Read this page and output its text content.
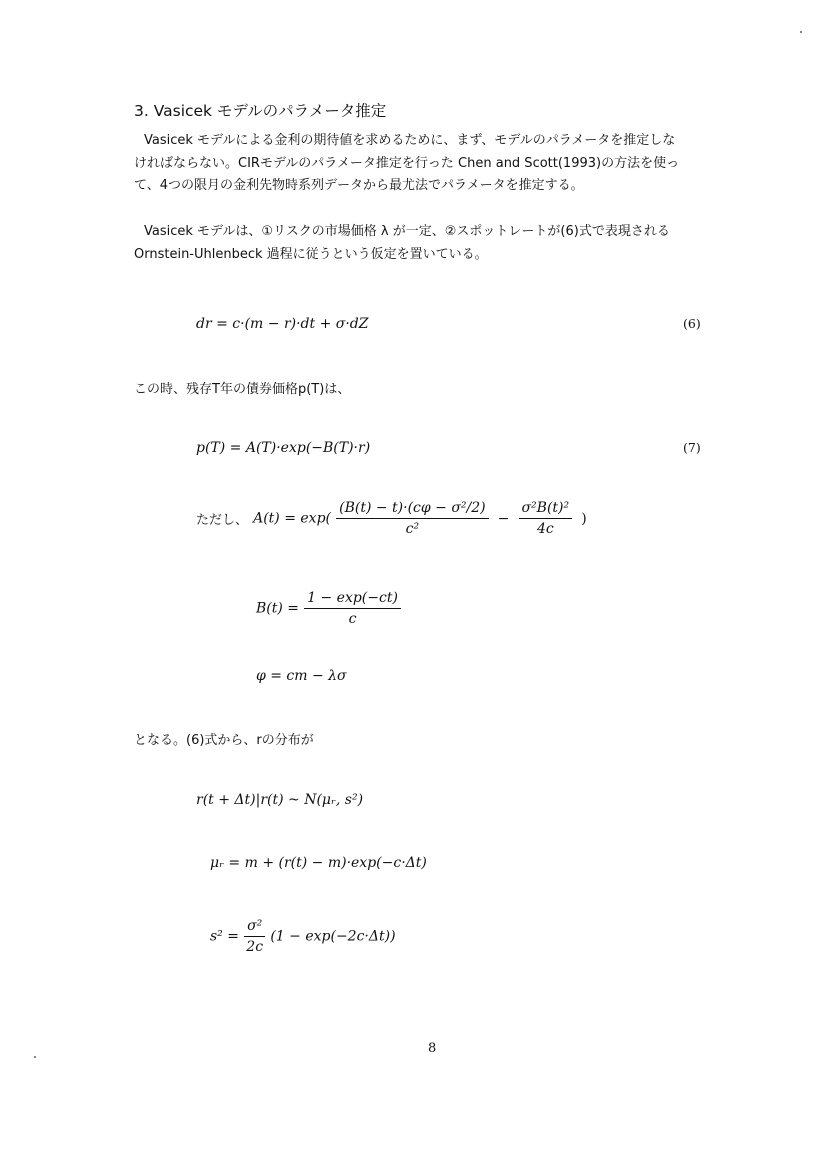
3. Vasicek モデルのパラメータ推定
Vasicek モデルによる金利の期待値を求めるために、まず、モデルのパラメータを推定しな
ければならない。CIRモデルのパラメータ推定を行った Chen and Scott(1993)の方法を使っ
て、4つの限月の金利先物時系列データから最尤法でパラメータを推定する。
Vasicek モデルは、①リスクの市場価格 λ が一定、②スポットレートが(6)式で表現される
Ornstein-Uhlenbeck 過程に従うという仮定を置いている。
dr = c·(m − r)·dt + σ·dZ	(6)
この時、残存T年の債券価格p(T)は、
p(T) = A(T)·exp(−B(T)·r)	(7)
ただし、 $A(t) = \exp( \frac{\text{(B(t) − t)·(cφ − σ²/2)}}{\text{c²}} - \frac{\text{σ²B(t)²}}{4c}$ )
$B(t) = \frac{1 - \exp(-ct)}{c}$
φ = cm − λσ
となる。(6)式から、rの分布が
r(t + Δt)|r(t) ~ N(μᵣ, s²)
μᵣ = m + (r(t) − m)·exp(−c·Δt)
$s^2 = \frac{\text{σ²}}{2c} (1 - \exp(-2c\cdot\Delta t))$
8
